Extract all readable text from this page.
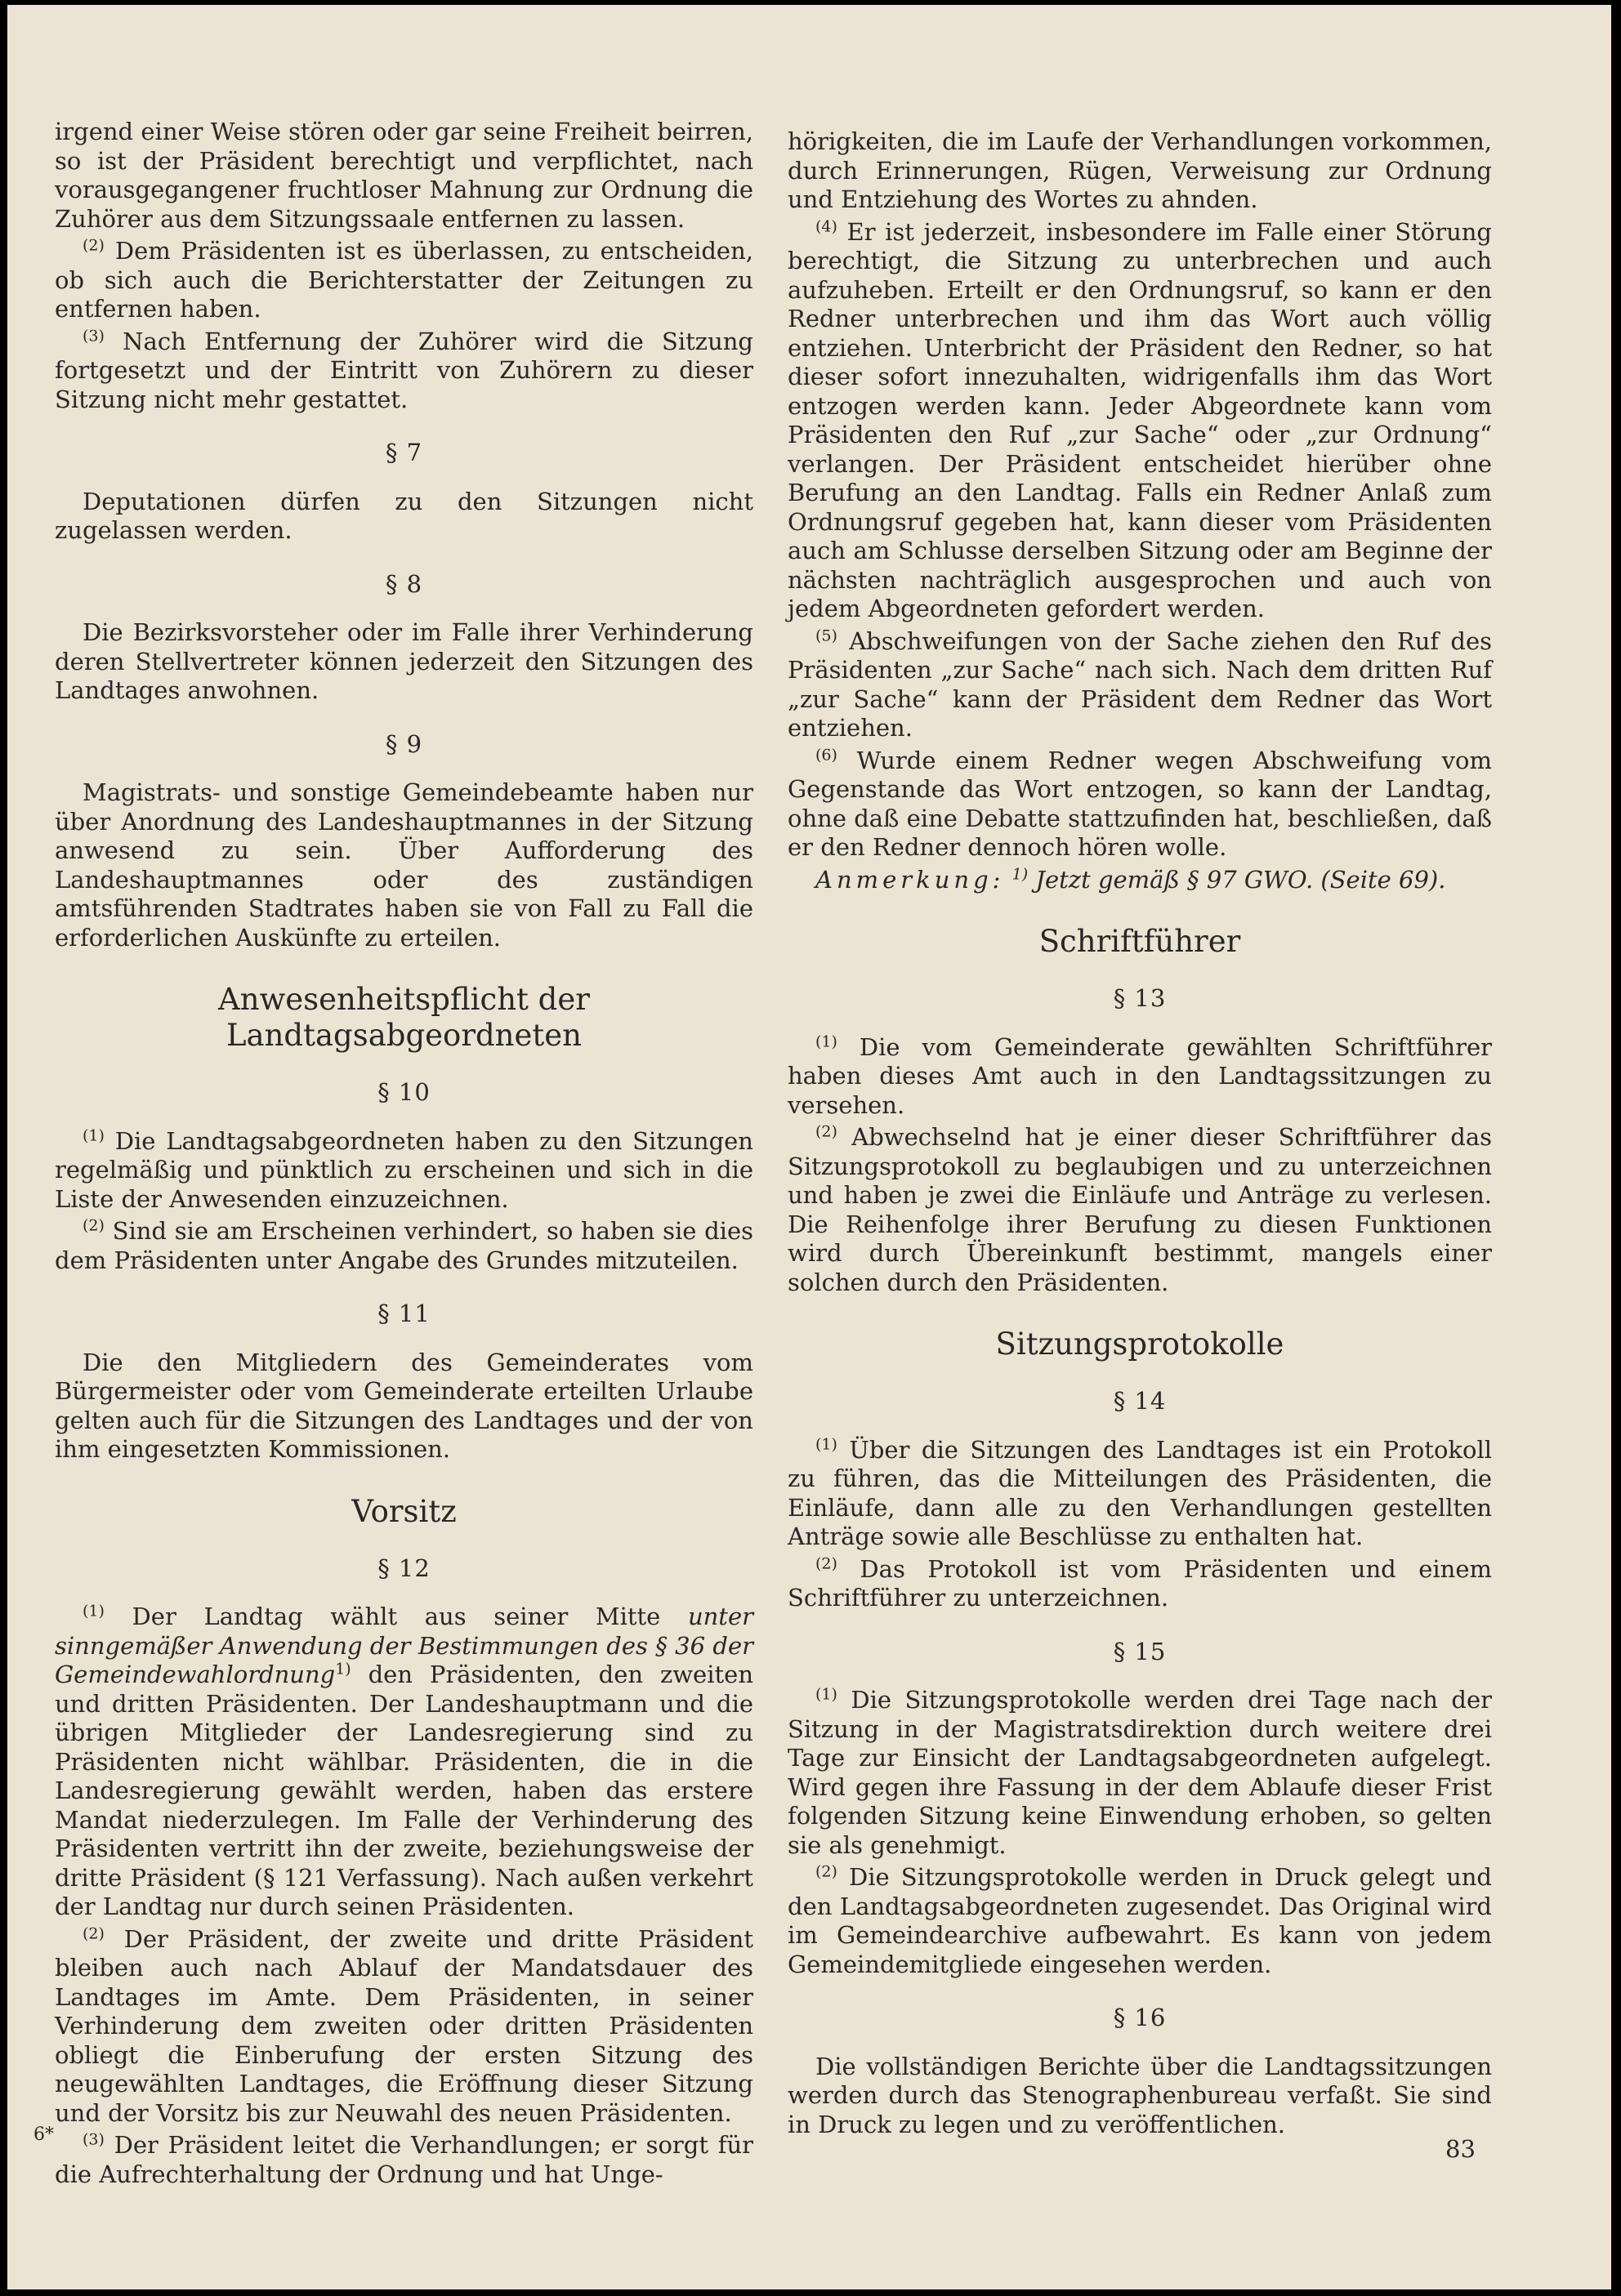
irgend einer Weise stören oder gar seine Freiheit beirren, so ist der Präsident berechtigt und verpflichtet, nach vorausgegangener fruchtloser Mahnung zur Ordnung die Zuhörer aus dem Sitzungssaale entfernen zu lassen.

$^{(2)}$ Dem Präsidenten ist es überlassen, zu entscheiden, ob sich auch die Berichterstatter der Zeitungen zu entfernen haben.

$^{(3)}$ Nach Entfernung der Zuhörer wird die Sitzung fortgesetzt und der Eintritt von Zuhörern zu dieser Sitzung nicht mehr gestattet.

§ 7

Deputationen dürfen zu den Sitzungen nicht zugelassen werden.

§ 8

Die Bezirksvorsteher oder im Falle ihrer Verhinderung deren Stellvertreter können jederzeit den Sitzungen des Landtages anwohnen.

§ 9

Magistrats- und sonstige Gemeindebeamte haben nur über Anordnung des Landeshauptmannes in der Sitzung anwesend zu sein. Über Aufforderung des Landeshauptmannes oder des zuständigen amtsführenden Stadtrates haben sie von Fall zu Fall die erforderlichen Auskünfte zu erteilen.

Anwesenheitspflicht der Landtagsabgeordneten

§ 10

$^{(1)}$ Die Landtagsabgeordneten haben zu den Sitzungen regelmäßig und pünktlich zu erscheinen und sich in die Liste der Anwesenden einzuzeichnen.

$^{(2)}$ Sind sie am Erscheinen verhindert, so haben sie dies dem Präsidenten unter Angabe des Grundes mitzuteilen.

§ 11

Die den Mitgliedern des Gemeinderates vom Bürgermeister oder vom Gemeinderate erteilten Urlaube gelten auch für die Sitzungen des Landtages und der von ihm eingesetzten Kommissionen.

Vorsitz

§ 12

$^{(1)}$ Der Landtag wählt aus seiner Mitte unter sinngemäßer Anwendung der Bestimmungen des § 36 der Gemeindewahlordnung$^{1)}$ den Präsidenten, den zweiten und dritten Präsidenten. Der Landeshauptmann und die übrigen Mitglieder der Landesregierung sind zu Präsidenten nicht wählbar. Präsidenten, die in die Landesregierung gewählt werden, haben das erstere Mandat niederzulegen. Im Falle der Verhinderung des Präsidenten vertritt ihn der zweite, beziehungsweise der dritte Präsident (§ 121 Verfassung). Nach außen verkehrt der Landtag nur durch seinen Präsidenten.

$^{(2)}$ Der Präsident, der zweite und dritte Präsident bleiben auch nach Ablauf der Mandatsdauer des Landtages im Amte. Dem Präsidenten, in seiner Verhinderung dem zweiten oder dritten Präsidenten obliegt die Einberufung der ersten Sitzung des neugewählten Landtages, die Eröffnung dieser Sitzung und der Vorsitz bis zur Neuwahl des neuen Präsidenten.

$^{(3)}$ Der Präsident leitet die Verhandlungen; er sorgt für die Aufrechterhaltung der Ordnung und hat Unge-

hörigkeiten, die im Laufe der Verhandlungen vorkommen, durch Erinnerungen, Rügen, Verweisung zur Ordnung und Entziehung des Wortes zu ahnden.

$^{(4)}$ Er ist jederzeit, insbesondere im Falle einer Störung berechtigt, die Sitzung zu unterbrechen und auch aufzuheben. Erteilt er den Ordnungsruf, so kann er den Redner unterbrechen und ihm das Wort auch völlig entziehen. Unterbricht der Präsident den Redner, so hat dieser sofort innezuhalten, widrigenfalls ihm das Wort entzogen werden kann. Jeder Abgeordnete kann vom Präsidenten den Ruf „zur Sache“ oder „zur Ordnung“ verlangen. Der Präsident entscheidet hierüber ohne Berufung an den Landtag. Falls ein Redner Anlaß zum Ordnungsruf gegeben hat, kann dieser vom Präsidenten auch am Schlusse derselben Sitzung oder am Beginne der nächsten nachträglich ausgesprochen und auch von jedem Abgeordneten gefordert werden.

$^{(5)}$ Abschweifungen von der Sache ziehen den Ruf des Präsidenten „zur Sache“ nach sich. Nach dem dritten Ruf „zur Sache“ kann der Präsident dem Redner das Wort entziehen.

$^{(6)}$ Wurde einem Redner wegen Abschweifung vom Gegenstande das Wort entzogen, so kann der Landtag, ohne daß eine Debatte stattzufinden hat, beschließen, daß er den Redner dennoch hören wolle.

Anmerkung: $^{1)}$ Jetzt gemäß § 97 GWO. (Seite 69).

Schriftführer

§ 13

$^{(1)}$ Die vom Gemeinderate gewählten Schriftführer haben dieses Amt auch in den Landtagssitzungen zu versehen.

$^{(2)}$ Abwechselnd hat je einer dieser Schriftführer das Sitzungsprotokoll zu beglaubigen und zu unterzeichnen und haben je zwei die Einläufe und Anträge zu verlesen. Die Reihenfolge ihrer Berufung zu diesen Funktionen wird durch Übereinkunft bestimmt, mangels einer solchen durch den Präsidenten.

Sitzungsprotokolle

§ 14

$^{(1)}$ Über die Sitzungen des Landtages ist ein Protokoll zu führen, das die Mitteilungen des Präsidenten, die Einläufe, dann alle zu den Verhandlungen gestellten Anträge sowie alle Beschlüsse zu enthalten hat.

$^{(2)}$ Das Protokoll ist vom Präsidenten und einem Schriftführer zu unterzeichnen.

§ 15

$^{(1)}$ Die Sitzungsprotokolle werden drei Tage nach der Sitzung in der Magistratsdirektion durch weitere drei Tage zur Einsicht der Landtagsabgeordneten aufgelegt. Wird gegen ihre Fassung in der dem Ablaufe dieser Frist folgenden Sitzung keine Einwendung erhoben, so gelten sie als genehmigt.

$^{(2)}$ Die Sitzungsprotokolle werden in Druck gelegt und den Landtagsabgeordneten zugesendet. Das Original wird im Gemeindearchive aufbewahrt. Es kann von jedem Gemeindemitgliede eingesehen werden.

§ 16

Die vollständigen Berichte über die Landtagssitzungen werden durch das Stenographenbureau verfaßt. Sie sind in Druck zu legen und zu veröffentlichen.

6*
83
